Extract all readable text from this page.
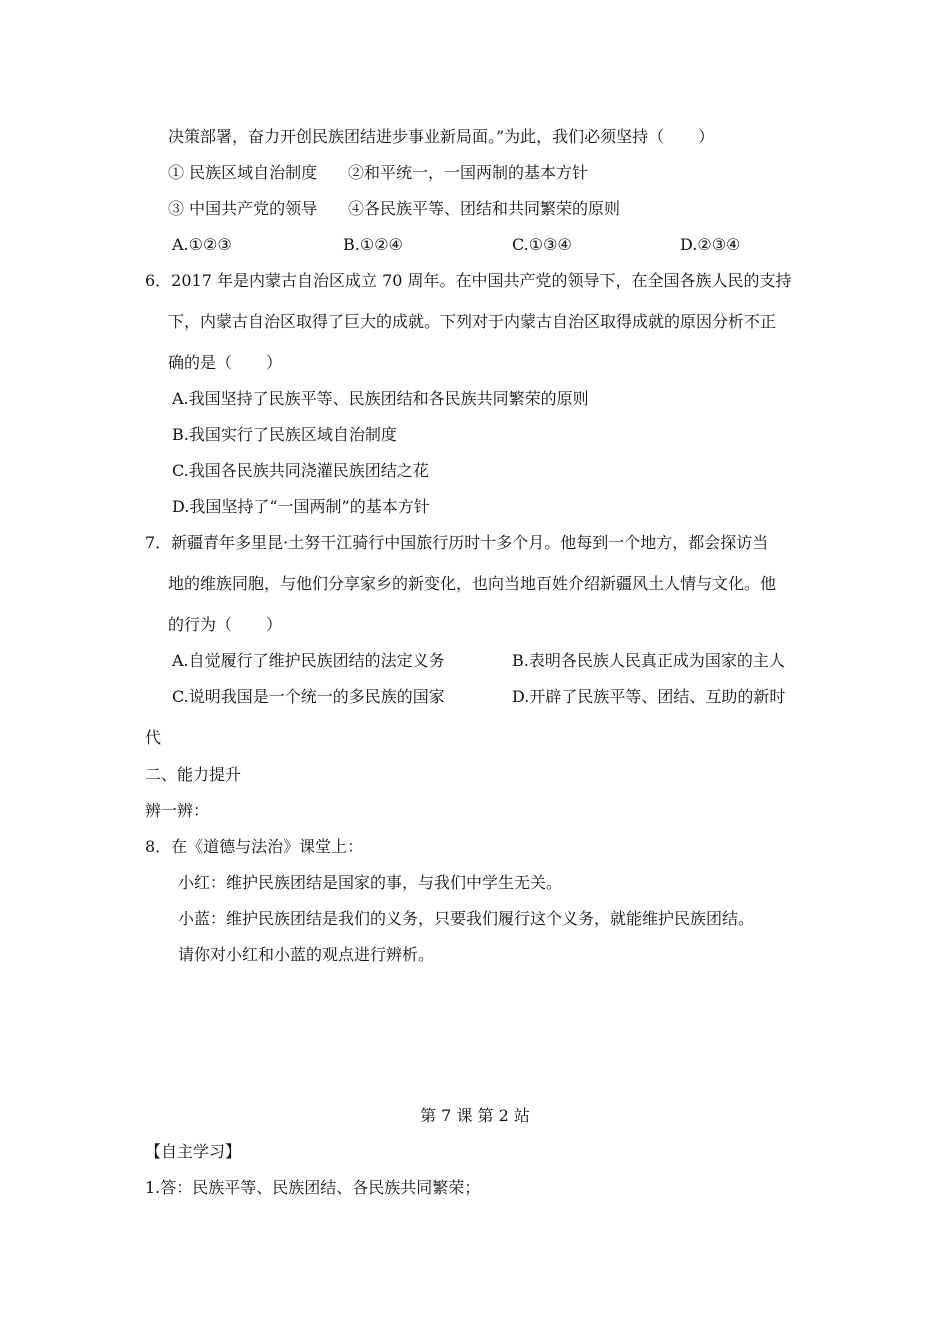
决策部署，奋力开创民族团结进步事业新局面。”为此，我们必须坚持（ ）
① 民族区域自治制度 ②和平统一，一国两制的基本方针
③ 中国共产党的领导 ④各民族平等、团结和共同繁荣的原则
A.①②③	B.①②④	C.①③④	D.②③④
6．2017 年是内蒙古自治区成立 70 周年。在中国共产党的领导下，在全国各族人民的支持
下，内蒙古自治区取得了巨大的成就。下列对于内蒙古自治区取得成就的原因分析不正
确的是（ ）
A.我国坚持了民族平等、民族团结和各民族共同繁荣的原则
B.我国实行了民族区域自治制度
C.我国各民族共同浇灌民族团结之花
D.我国坚持了“一国两制”的基本方针
7．新疆青年多里昆·土努干江骑行中国旅行历时十多个月。他每到一个地方，都会探访当
地的维族同胞，与他们分享家乡的新变化，也向当地百姓介绍新疆风土人情与文化。他
的行为（ ）
A.自觉履行了维护民族团结的法定义务	B.表明各民族人民真正成为国家的主人
C.说明我国是一个统一的多民族的国家	D.开辟了民族平等、团结、互助的新时
代
二、能力提升
辨一辨：
8．在《道德与法治》课堂上：
小红：维护民族团结是国家的事，与我们中学生无关。
小蓝：维护民族团结是我们的义务，只要我们履行这个义务，就能维护民族团结。
请你对小红和小蓝的观点进行辨析。
第 7 课 第 2 站
【自主学习】
1.答：民族平等、民族团结、各民族共同繁荣；
